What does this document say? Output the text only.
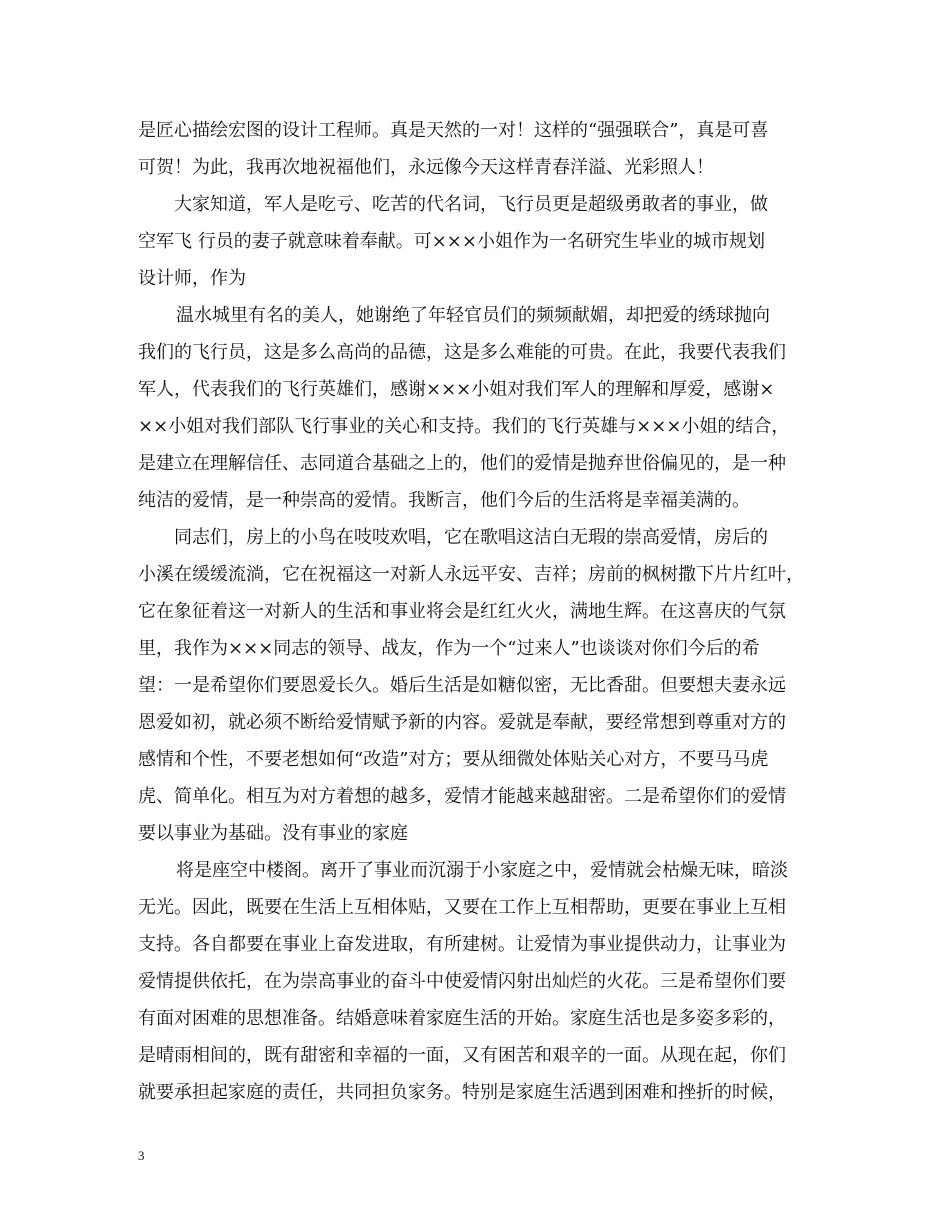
是匠心描绘宏图的设计工程师。真是天然的一对！这样的“强强联合”，真是可喜
可贺！为此，我再次地祝福他们，永远像今天这样青春洋溢、光彩照人！
大家知道，军人是吃亏、吃苦的代名词，飞行员更是超级勇敢者的事业，做
空军飞 行员的妻子就意味着奉献。可×××小姐作为一名研究生毕业的城市规划
设计师，作为
温水城里有名的美人，她谢绝了年轻官员们的频频献媚，却把爱的绣球抛向
我们的飞行员，这是多么高尚的品德，这是多么难能的可贵。在此，我要代表我们
军人，代表我们的飞行英雄们，感谢×××小姐对我们军人的理解和厚爱，感谢×
××小姐对我们部队飞行事业的关心和支持。我们的飞行英雄与×××小姐的结合，
是建立在理解信任、志同道合基础之上的，他们的爱情是抛弃世俗偏见的，是一种
纯洁的爱情，是一种崇高的爱情。我断言，他们今后的生活将是幸福美满的。
同志们，房上的小鸟在吱吱欢唱，它在歌唱这洁白无瑕的崇高爱情，房后的
小溪在缓缓流淌，它在祝福这一对新人永远平安、吉祥；房前的枫树撒下片片红叶，
它在象征着这一对新人的生活和事业将会是红红火火，满地生辉。在这喜庆的气氛
里，我作为×××同志的领导、战友，作为一个“过来人”也谈谈对你们今后的希
望：一是希望你们要恩爱长久。婚后生活是如糖似密，无比香甜。但要想夫妻永远
恩爱如初，就必须不断给爱情赋予新的内容。爱就是奉献，要经常想到尊重对方的
感情和个性，不要老想如何“改造”对方；要从细微处体贴关心对方，不要马马虎
虎、简单化。相互为对方着想的越多，爱情才能越来越甜密。二是希望你们的爱情
要以事业为基础。没有事业的家庭
将是座空中楼阁。离开了事业而沉溺于小家庭之中，爱情就会枯燥无味，暗淡
无光。因此，既要在生活上互相体贴，又要在工作上互相帮助，更要在事业上互相
支持。各自都要在事业上奋发进取，有所建树。让爱情为事业提供动力，让事业为
爱情提供依托，在为崇高事业的奋斗中使爱情闪射出灿烂的火花。三是希望你们要
有面对困难的思想准备。结婚意味着家庭生活的开始。家庭生活也是多姿多彩的，
是晴雨相间的，既有甜密和幸福的一面，又有困苦和艰辛的一面。从现在起，你们
就要承担起家庭的责任，共同担负家务。特别是家庭生活遇到困难和挫折的时候，
3
